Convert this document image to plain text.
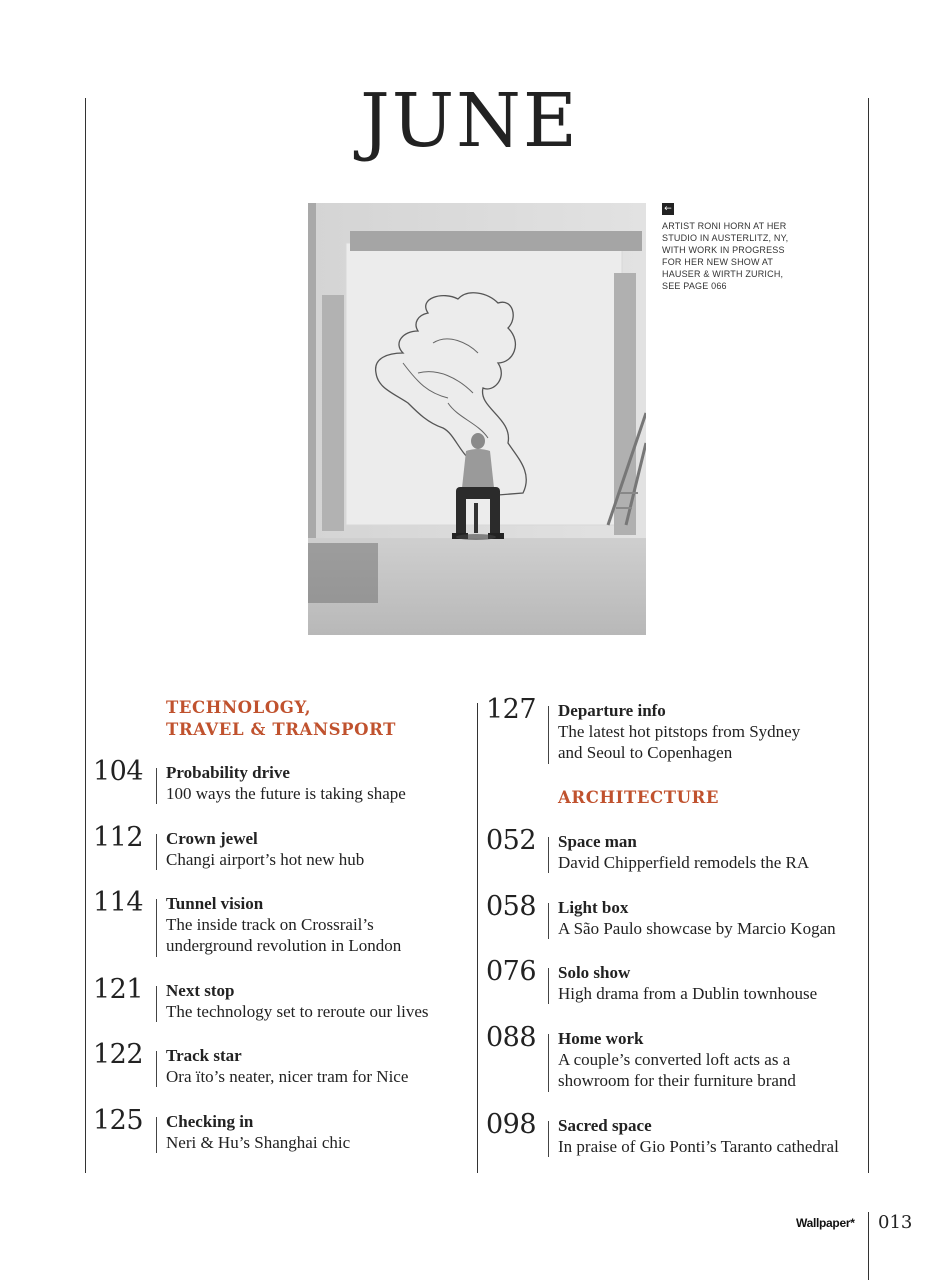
JUNE
←
ARTIST RONI HORN AT HER STUDIO IN AUSTERLITZ, NY, WITH WORK IN PROGRESS FOR HER NEW SHOW AT HAUSER & WIRTH ZURICH, SEE PAGE 066
TECHNOLOGY,
TRAVEL & TRANSPORT
104 Probability drive
100 ways the future is taking shape
112 Crown jewel
Changi airport’s hot new hub
114 Tunnel vision
The inside track on Crossrail’s
underground revolution in London
121 Next stop
The technology set to reroute our lives
122 Track star
Ora ïto’s neater, nicer tram for Nice
125 Checking in
Neri & Hu’s Shanghai chic
127 Departure info
The latest hot pitstops from Sydney
and Seoul to Copenhagen
ARCHITECTURE
052 Space man
David Chipperfield remodels the RA
058 Light box
A São Paulo showcase by Marcio Kogan
076 Solo show
High drama from a Dublin townhouse
088 Home work
A couple’s converted loft acts as a
showroom for their furniture brand
098 Sacred space
In praise of Gio Ponti’s Taranto cathedral
Wallpaper* 013
